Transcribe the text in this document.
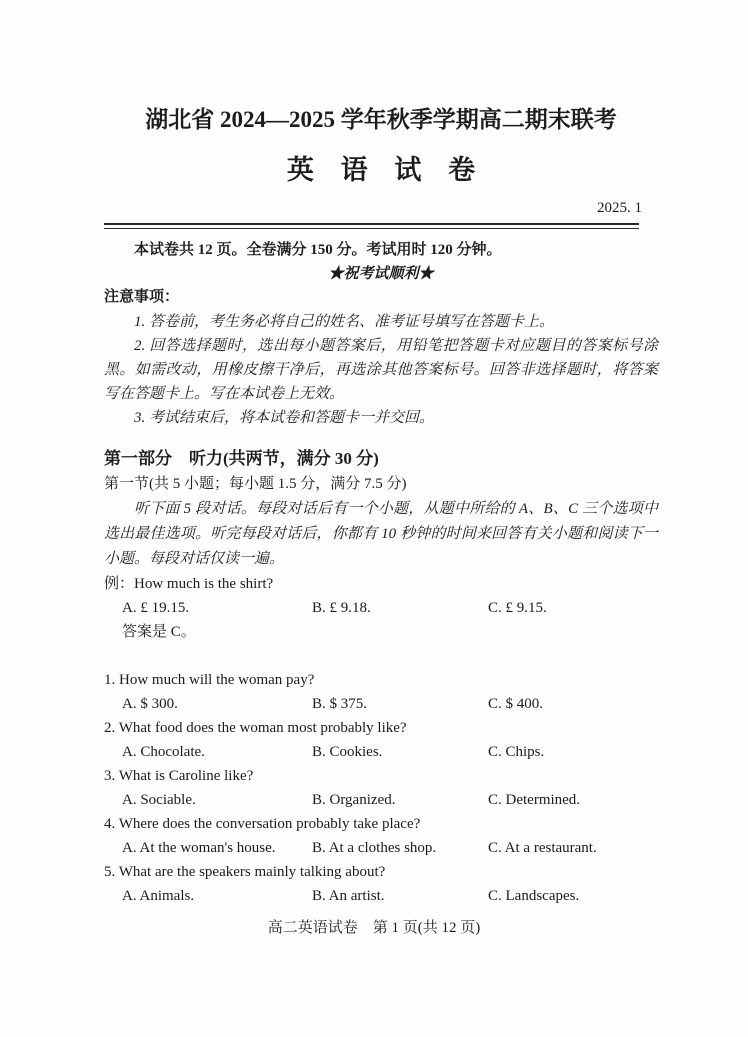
湖北省 2024—2025 学年秋季学期高二期末联考
英 语 试 卷
2025. 1

本试卷共 12 页。全卷满分 150 分。考试用时 120 分钟。

★祝考试顺利★

注意事项：

1. 答卷前，考生务必将自己的姓名、准考证号填写在答题卡上。

2. 回答选择题时，选出每小题答案后，用铅笔把答题卡对应题目的答案标号涂黑。如需改动，用橡皮擦干净后，再选涂其他答案标号。回答非选择题时，将答案写在答题卡上。写在本试卷上无效。

3. 考试结束后，将本试卷和答题卡一并交回。

第一部分　听力(共两节，满分 30 分)

第一节(共 5 小题；每小题 1.5 分，满分 7.5 分)

听下面 5 段对话。每段对话后有一个小题，从题中所给的 A、B、C 三个选项中选出最佳选项。听完每段对话后，你都有 10 秒钟的时间来回答有关小题和阅读下一小题。每段对话仅读一遍。

例：How much is the shirt?

A. £ 19.15.	B. £ 9.18.	C. £ 9.15.

答案是 C。

1. How much will the woman pay?

A. $ 300.	B. $ 375.	C. $ 400.

2. What food does the woman most probably like?

A. Chocolate.	B. Cookies.	C. Chips.

3. What is Caroline like?

A. Sociable.	B. Organized.	C. Determined.

4. Where does the conversation probably take place?

A. At the woman's house.	B. At a clothes shop.	C. At a restaurant.

5. What are the speakers mainly talking about?

A. Animals.	B. An artist.	C. Landscapes.
高二英语试卷　第 1 页(共 12 页)
